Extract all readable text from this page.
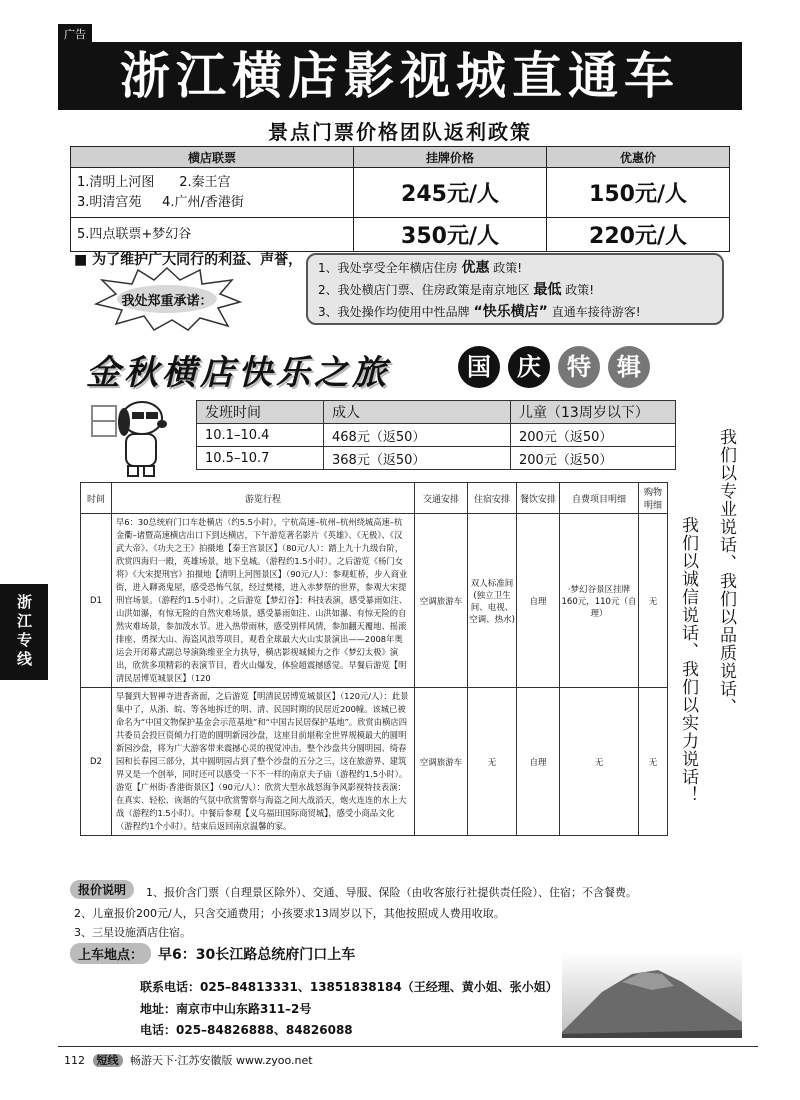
广告
浙江横店影视城直通车
景点门票价格团队返利政策
横店联票	挂牌价格	优惠价
1.清明上河图 2.秦王宫
3.明清宫苑 4.广州/香港街	245元/人	150元/人
5.四点联票+梦幻谷	350元/人	220元/人
■ 为了维护广大同行的利益、声誉，
我处郑重承诺：
1、我处享受全年横店住房 优惠 政策!
2、我处横店门票、住房政策是南京地区 最低 政策!
3、我处操作均使用中性品牌 “快乐横店” 直通车接待游客!
金秋横店快乐之旅	国	庆	特	辑
发班时间	成人	儿童（13周岁以下）
10.1–10.4	468元（返50）	200元（返50）
10.5–10.7	368元（返50）	200元（返50）
时间	游览行程	交通安排	住宿安排	餐饮安排	自费项目明细	购物明细
D1	早6：30总统府门口车赴横店（约5.5小时），宁杭高速–杭州–杭州绕城高速–杭金衢–诸暨高速横店出口下到达横店，下午游览著名影片《英雄》、《无极》、《汉武大帝》、《功夫之王》拍摄地【秦王宫景区】（80元/人）：踏上九十九级台阶，欣赏四海归一殿，英雄场景，地下皇城。（游程约1.5小时）。之后游览《杨门女将》《大宋提刑官》拍摄地【清明上河图景区】（90元/人）：参观虹桥，步入商业街，进入聊斋鬼屋，感受恐怖气氛，经过樊楼，进入赤梦祭的世界，参观大宋提刑官场景。（游程约1.5小时）。之后游览【梦幻谷】：科技表演，感受暴雨如注、山洪如瀑，有惊无险的自然灾难场景，感受暴雨如注、山洪如瀑、有惊无险的自然灾难场景，参加泼水节。进入热带雨林，感受别样风情，参加翻天覆地、摇滚排座、勇探大山、海盗风浪等项目，观看全球最大火山实景演出——2008年奥运会开闭幕式副总导演陈维亚全力执导，横店影视城倾力之作《梦幻太极》演出，欣赏多项精彩的表演节目，看火山爆发，体验超震撼感觉。早餐后游览【明清民居博览城景区】（120	空调旅游车	双人标准间(独立卫生间、电视、空调、热水)	自理	·梦幻谷景区挂牌160元，110元（自理）	无
D2	早餐到大智禅寺进香斋面，之后游览【明清民居博览城景区】（120元/人）：此景集中了，从浙、皖、等各地拆迁的明、清、民国时期的民居近200幢。该城已被命名为“中国文物保护基金会示范基地”和“中国古民居保护基地”。欣赏由横店四共委员会投巨资倾力打造的圆明新园沙盘，这座目前堪称全世界规模最大的圆明新园沙盘，将为广大游客带来震撼心灵的视觉冲击。整个沙盘共分圆明园、绮春园和长春园三部分，其中圆明园占到了整个沙盘的五分之三，这在旅游界、建筑界又是一个创举，同时还可以感受一下不一样的南京夫子庙（游程约1.5小时）。游览【广州街·香港街景区】（90元/人）：欣赏大型水战怒海争风影视特技表演：在真实、轻松、诙谐的气氛中欣赏警察与海盗之间大战滔天，炮火连连的水上大战（游程约1.5小时）。中餐后参观【义乌福田国际商贸城】，感受小商品文化（游程约1个小时）。结束后返回南京温馨的家。	空调旅游车	无	自理	无	无
我们以专业说话、我们以品质说话、
我们以诚信说话、我们以实力说话！
浙江专线
报价说明	1、报价含门票（自理景区除外）、交通、导服、保险（由收客旅行社提供责任险）、住宿；不含餐费。
2、儿童报价200元/人，只含交通费用；小孩要求13周岁以下，其他按照成人费用收取。
3、三星设施酒店住宿。
上车地点：	早6：30长江路总统府门口上车
联系电话：025–84813331、13851838184（王经理、黄小姐、张小姐）
地址：南京市中山东路311–2号
电话：025–84826888、84826088
112 短线 畅游天下·江苏安徽版 www.zyoo.net
